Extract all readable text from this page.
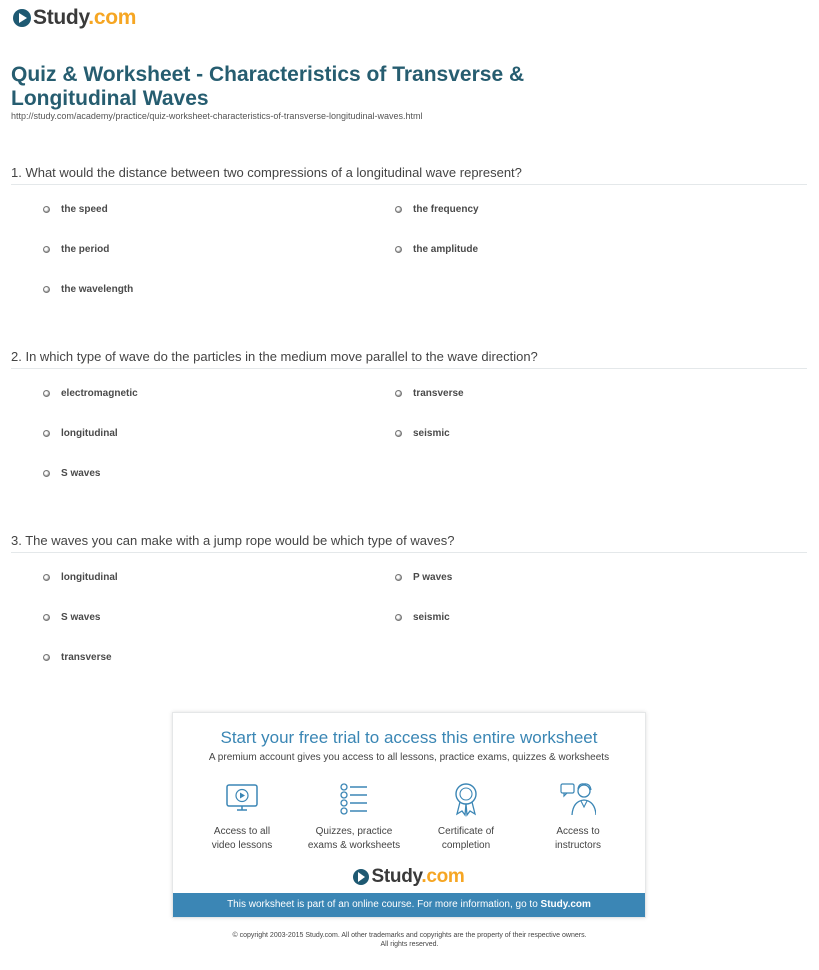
Study.com
Quiz & Worksheet - Characteristics of Transverse & Longitudinal Waves
http://study.com/academy/practice/quiz-worksheet-characteristics-of-transverse-longitudinal-waves.html
1. What would the distance between two compressions of a longitudinal wave represent?
the speed	the frequency
the period	the amplitude
the wavelength
2. In which type of wave do the particles in the medium move parallel to the wave direction?
electromagnetic	transverse
longitudinal	seismic
S waves
3. The waves you can make with a jump rope would be which type of waves?
longitudinal	P waves
S waves	seismic
transverse
Start your free trial to access this entire worksheet
A premium account gives you access to all lessons, practice exams, quizzes & worksheets
Access to all
video lessons
Quizzes, practice
exams & worksheets
Certificate of
completion
Access to
instructors
Study.com
This worksheet is part of an online course. For more information, go to Study.com
© copyright 2003-2015 Study.com. All other trademarks and copyrights are the property of their respective owners.
All rights reserved.
